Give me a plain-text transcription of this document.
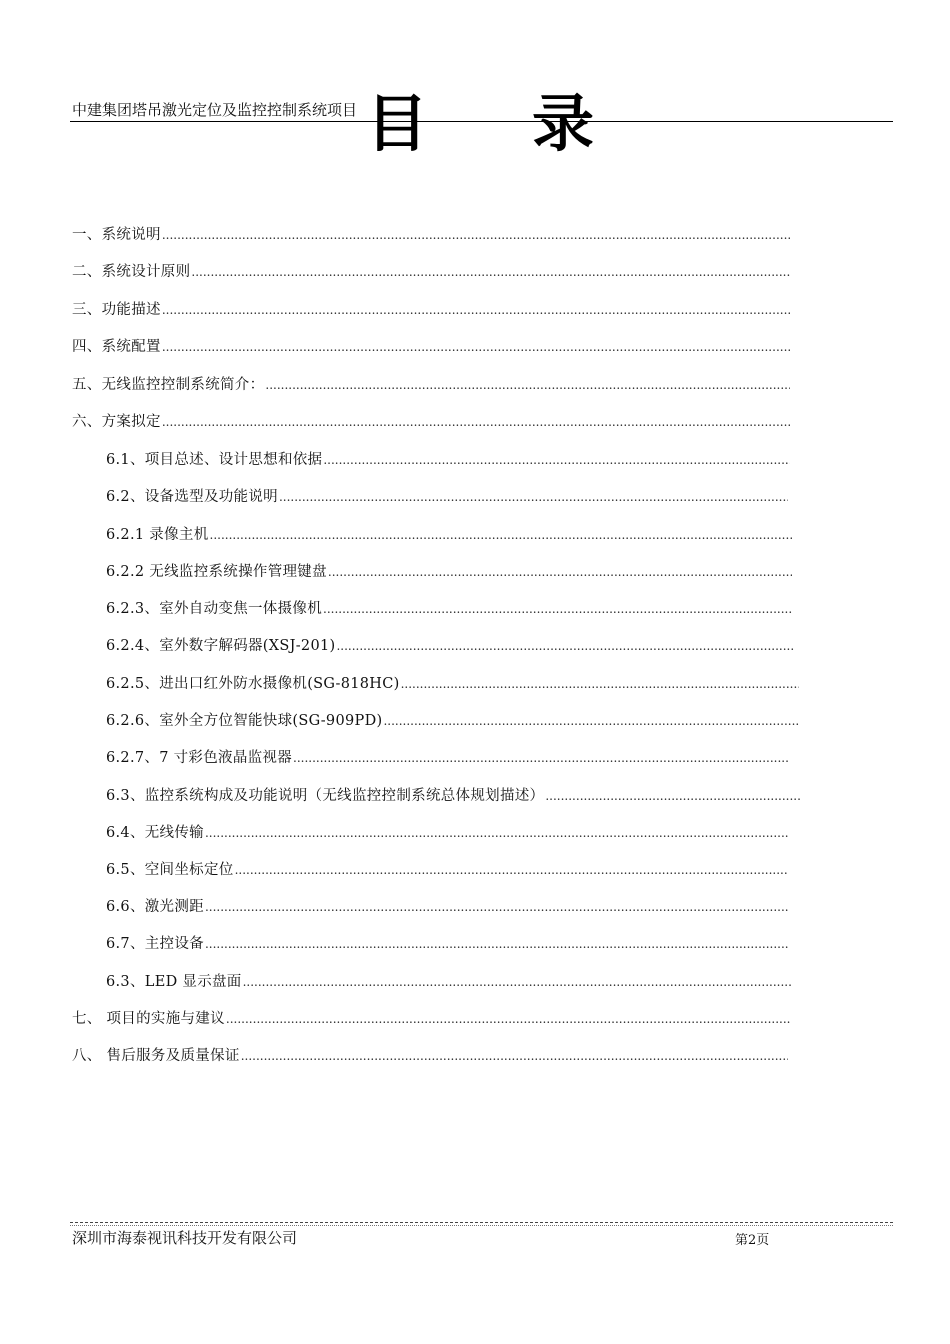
中建集团塔吊激光定位及监控控制系统项目 目 录
一、系统说明
.....
二、系统设计原则
.....
三、功能描述
.....
四、系统配置
.....
五、无线监控控制系统简介：
.....
六、方案拟定
.....
6.1、项目总述、设计思想和依据
.....
6.2、设备选型及功能说明
.....
6.2.1 录像主机
.....
6.2.2 无线监控系统操作管理键盘
.....
6.2.3、室外自动变焦一体摄像机
.....
6.2.4、室外数字解码器(XSJ-201)
.....
6.2.5、进出口红外防水摄像机(SG-818HC)
.....
6.2.6、室外全方位智能快球(SG-909PD)
.....
6.2.7、7 寸彩色液晶监视器
.....
6.3、监控系统构成及功能说明（无线监控控制系统总体规划描述）
.....
6.4、无线传输
.....
6.5、空间坐标定位
.....
6.6、激光测距
.....
6.7、主控设备
.....
6.3、LED 显示盘面
.....
七、 项目的实施与建议
.....
八、 售后服务及质量保证
.....
深圳市海泰视讯科技开发有限公司	第2页
